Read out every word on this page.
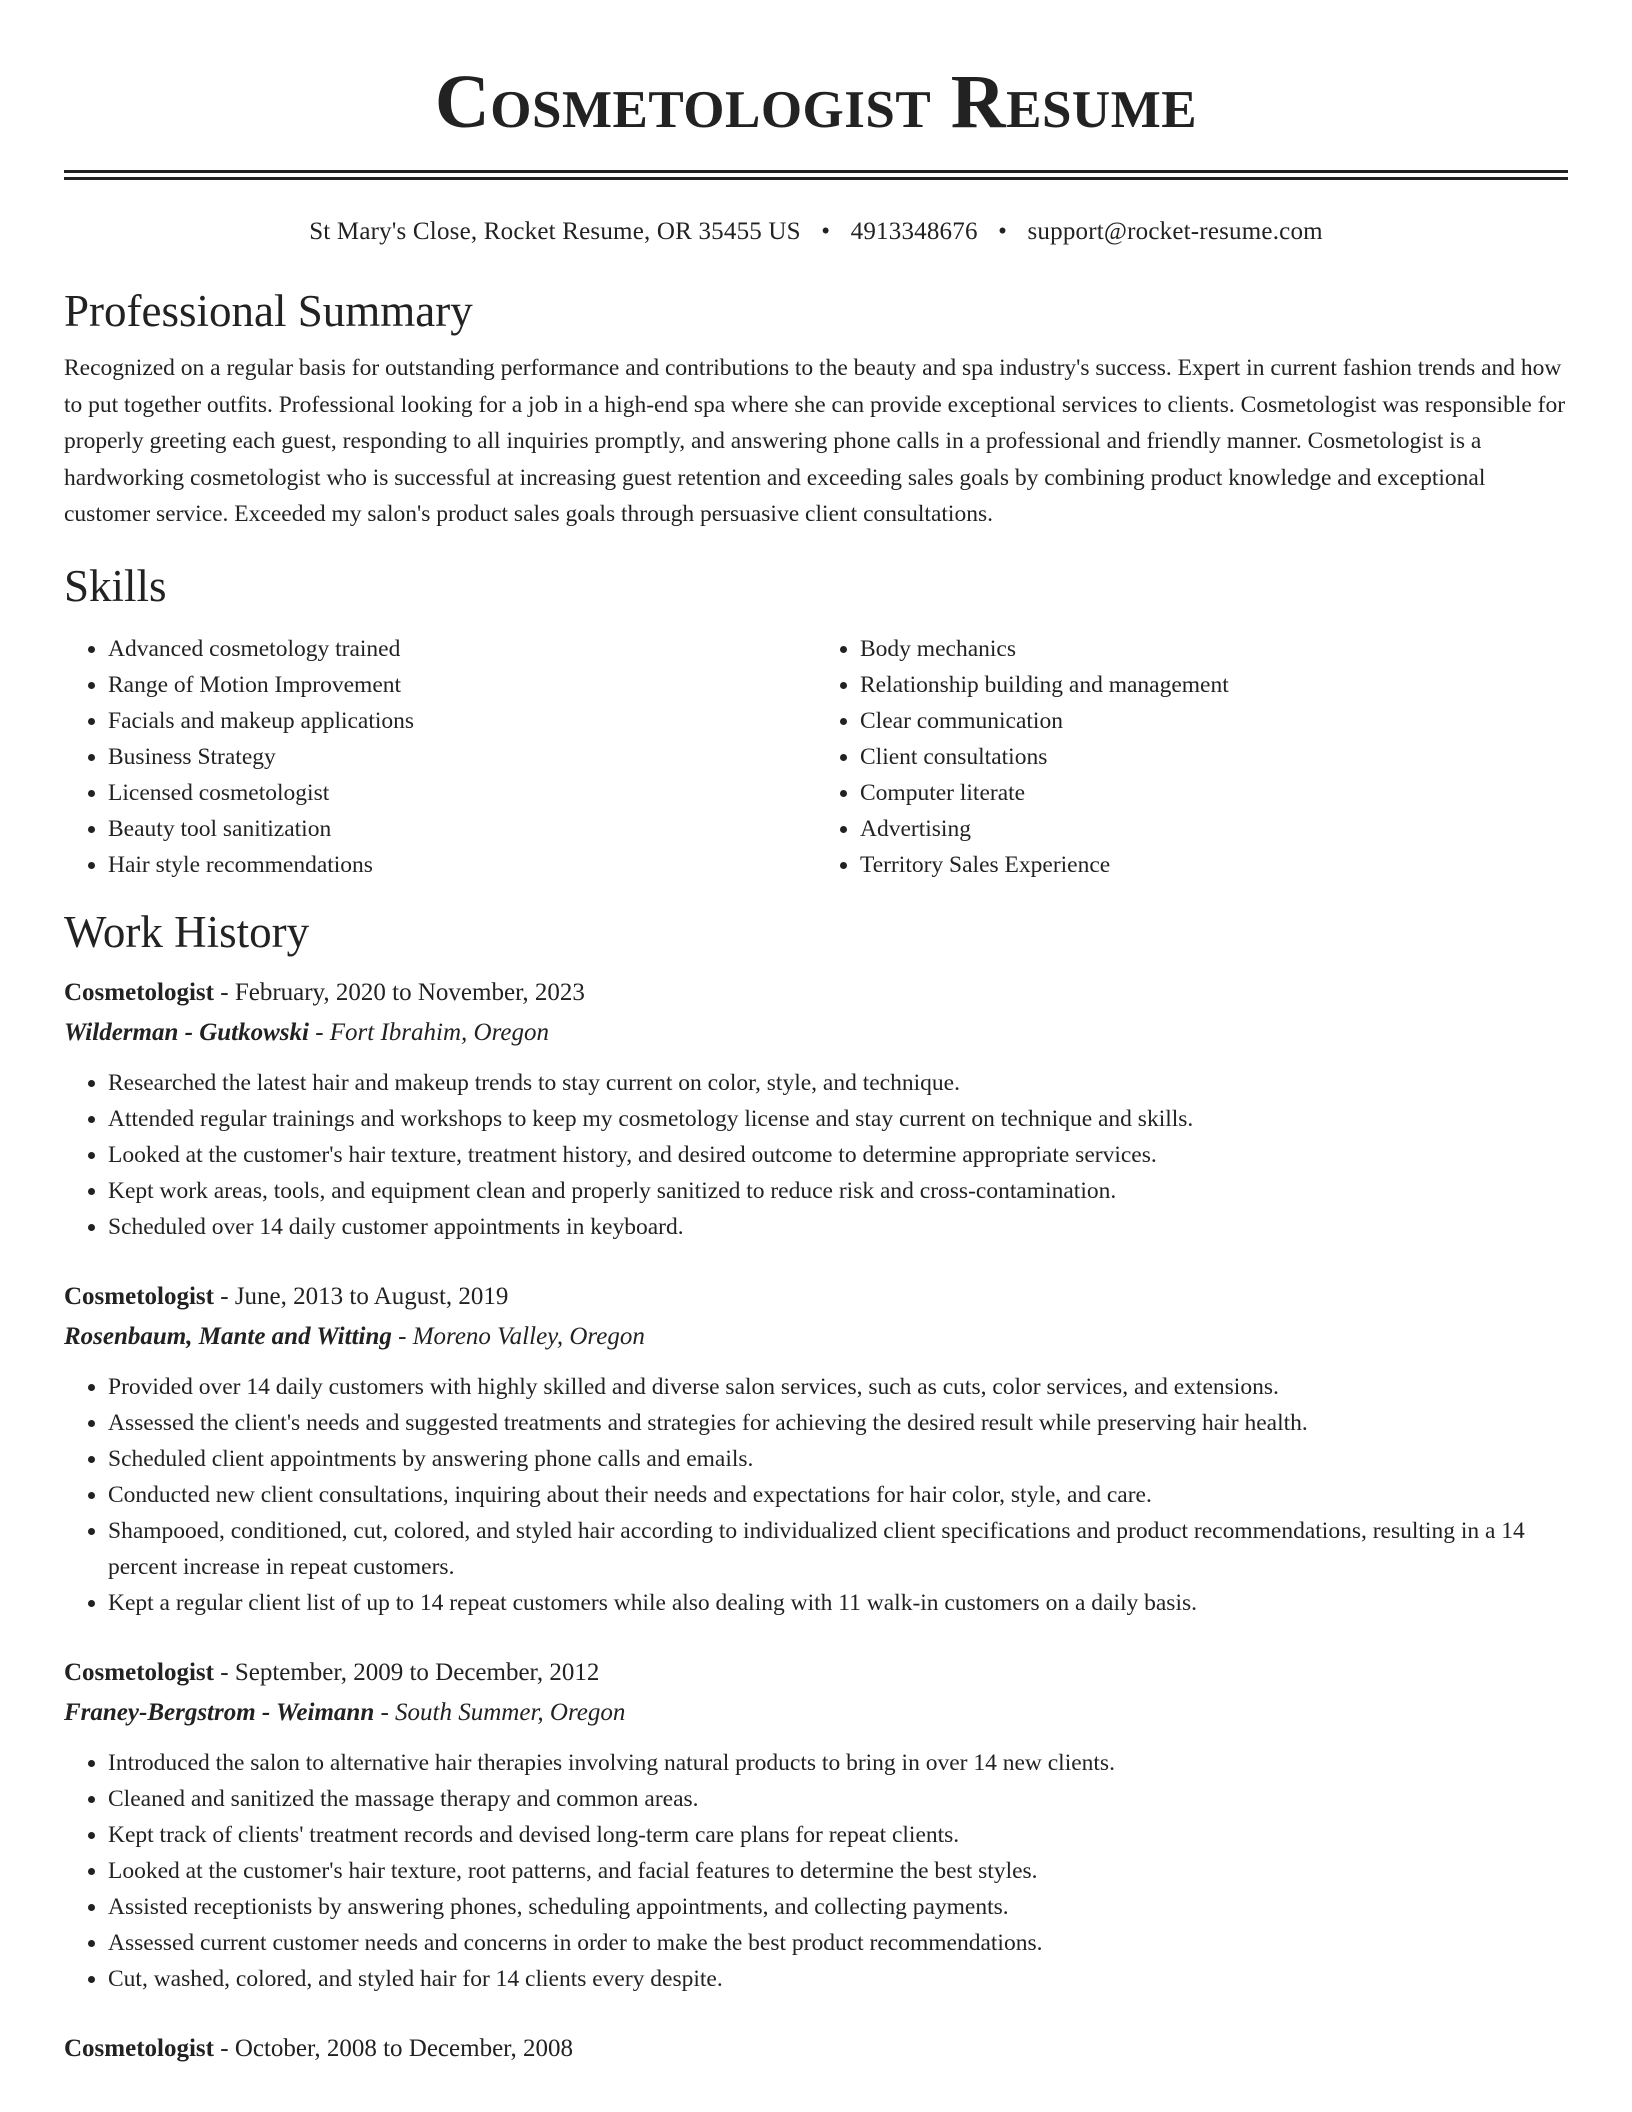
Cosmetologist Resume
St Mary's Close, Rocket Resume, OR 35455 US • 4913348676 • support@rocket-resume.com
Professional Summary

Recognized on a regular basis for outstanding performance and contributions to the beauty and spa industry's success. Expert in current fashion trends and how to put together outfits. Professional looking for a job in a high-end spa where she can provide exceptional services to clients. Cosmetologist was responsible for properly greeting each guest, responding to all inquiries promptly, and answering phone calls in a professional and friendly manner. Cosmetologist is a hardworking cosmetologist who is successful at increasing guest retention and exceeding sales goals by combining product knowledge and exceptional customer service. Exceeded my salon's product sales goals through persuasive client consultations.

Skills
• Advanced cosmetology trained
• Range of Motion Improvement
• Facials and makeup applications
• Business Strategy
• Licensed cosmetologist
• Beauty tool sanitization
• Hair style recommendations
• Body mechanics
• Relationship building and management
• Clear communication
• Client consultations
• Computer literate
• Advertising
• Territory Sales Experience
Work History
Cosmetologist - February, 2020 to November, 2023
Wilderman - Gutkowski - Fort Ibrahim, Oregon
• Researched the latest hair and makeup trends to stay current on color, style, and technique.
• Attended regular trainings and workshops to keep my cosmetology license and stay current on technique and skills.
• Looked at the customer's hair texture, treatment history, and desired outcome to determine appropriate services.
• Kept work areas, tools, and equipment clean and properly sanitized to reduce risk and cross-contamination.
• Scheduled over 14 daily customer appointments in keyboard.
Cosmetologist - June, 2013 to August, 2019
Rosenbaum, Mante and Witting - Moreno Valley, Oregon
• Provided over 14 daily customers with highly skilled and diverse salon services, such as cuts, color services, and extensions.
• Assessed the client's needs and suggested treatments and strategies for achieving the desired result while preserving hair health.
• Scheduled client appointments by answering phone calls and emails.
• Conducted new client consultations, inquiring about their needs and expectations for hair color, style, and care.
• Shampooed, conditioned, cut, colored, and styled hair according to individualized client specifications and product recommendations, resulting in a 14 percent increase in repeat customers.
• Kept a regular client list of up to 14 repeat customers while also dealing with 11 walk-in customers on a daily basis.
Cosmetologist - September, 2009 to December, 2012
Franey-Bergstrom - Weimann - South Summer, Oregon
• Introduced the salon to alternative hair therapies involving natural products to bring in over 14 new clients.
• Cleaned and sanitized the massage therapy and common areas.
• Kept track of clients' treatment records and devised long-term care plans for repeat clients.
• Looked at the customer's hair texture, root patterns, and facial features to determine the best styles.
• Assisted receptionists by answering phones, scheduling appointments, and collecting payments.
• Assessed current customer needs and concerns in order to make the best product recommendations.
• Cut, washed, colored, and styled hair for 14 clients every despite.
Cosmetologist - October, 2008 to December, 2008
